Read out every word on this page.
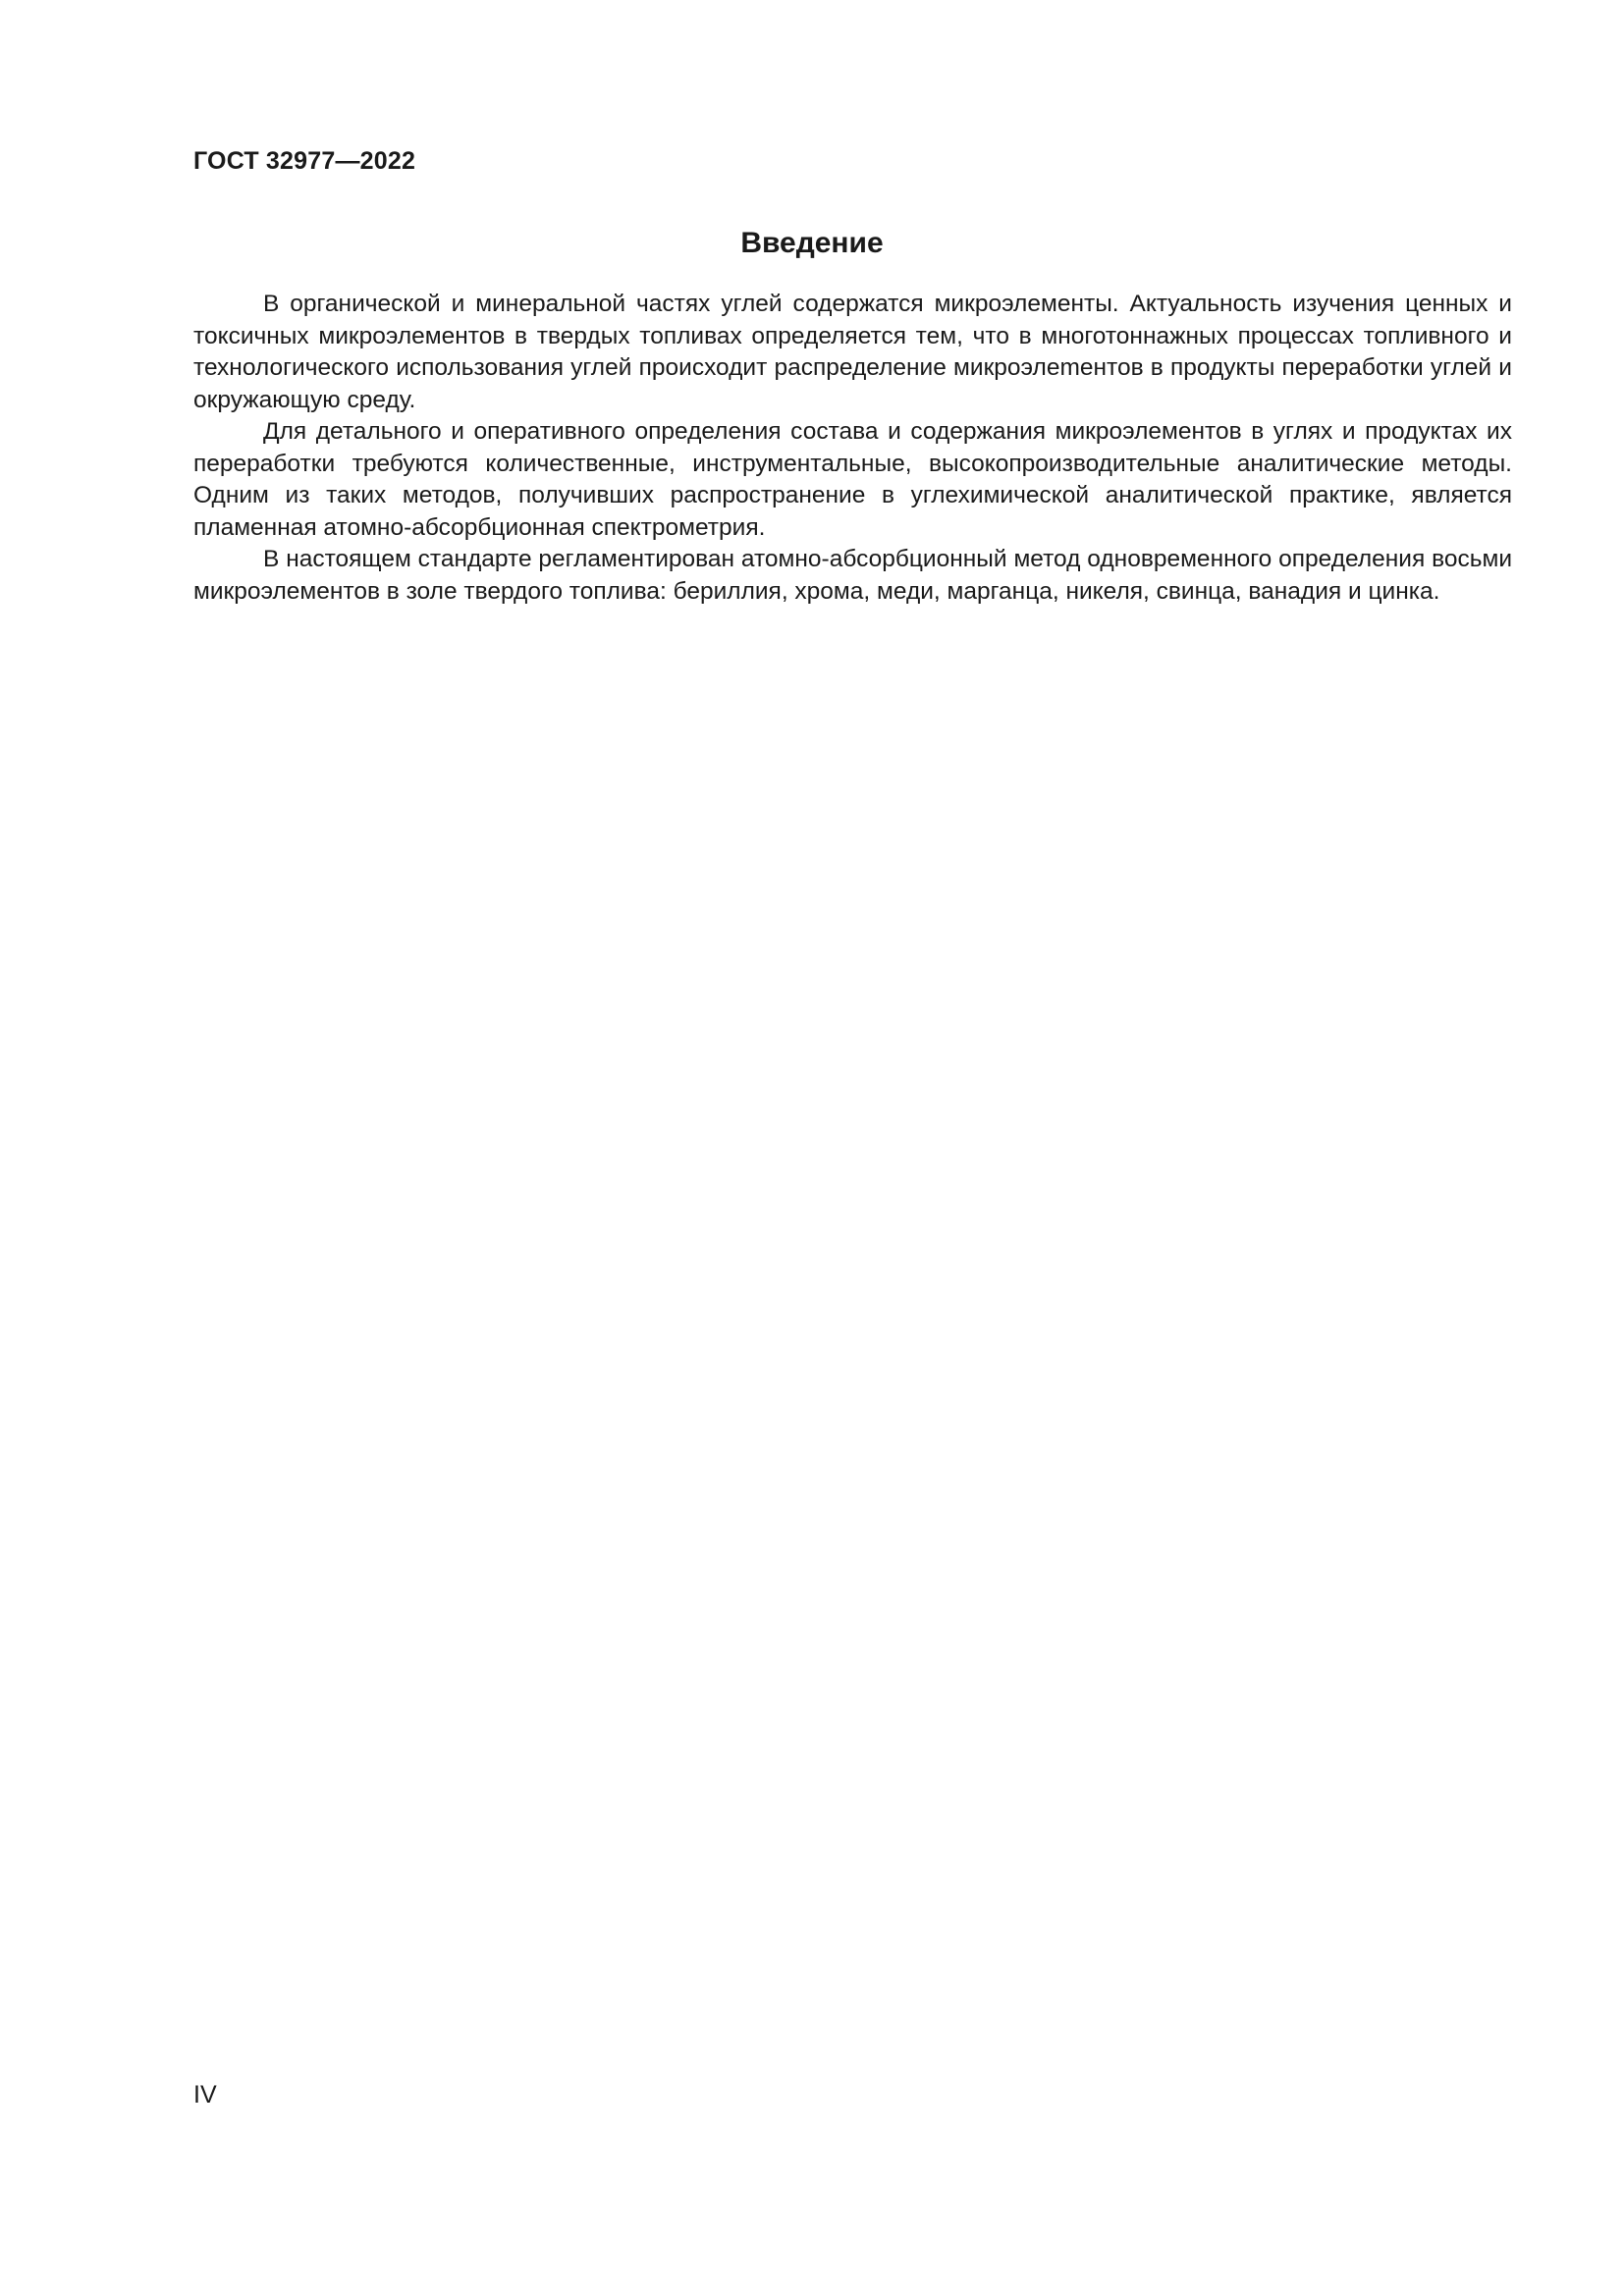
ГОСТ 32977—2022
Введение

В органической и минеральной частях углей содержатся микроэлементы. Актуальность изучения ценных и токсичных микроэлементов в твердых топливах определяется тем, что в многотоннажных процессах топливного и технологического использования углей происходит распределение микроэлеmентов в продукты переработки углей и окружающую среду.

Для детального и оперативного определения состава и содержания микроэлементов в углях и продуктах их переработки требуются количественные, инструментальные, высокопроизводительные аналитические методы. Одним из таких методов, получивших распространение в углехимической аналитической практике, является пламенная атомно-абсорбционная спектрометрия.

В настоящем стандарте регламентирован атомно-абсорбционный метод одновременного определения восьми микроэлементов в золе твердого топлива: бериллия, хрома, меди, марганца, никеля, свинца, ванадия и цинка.

IV
